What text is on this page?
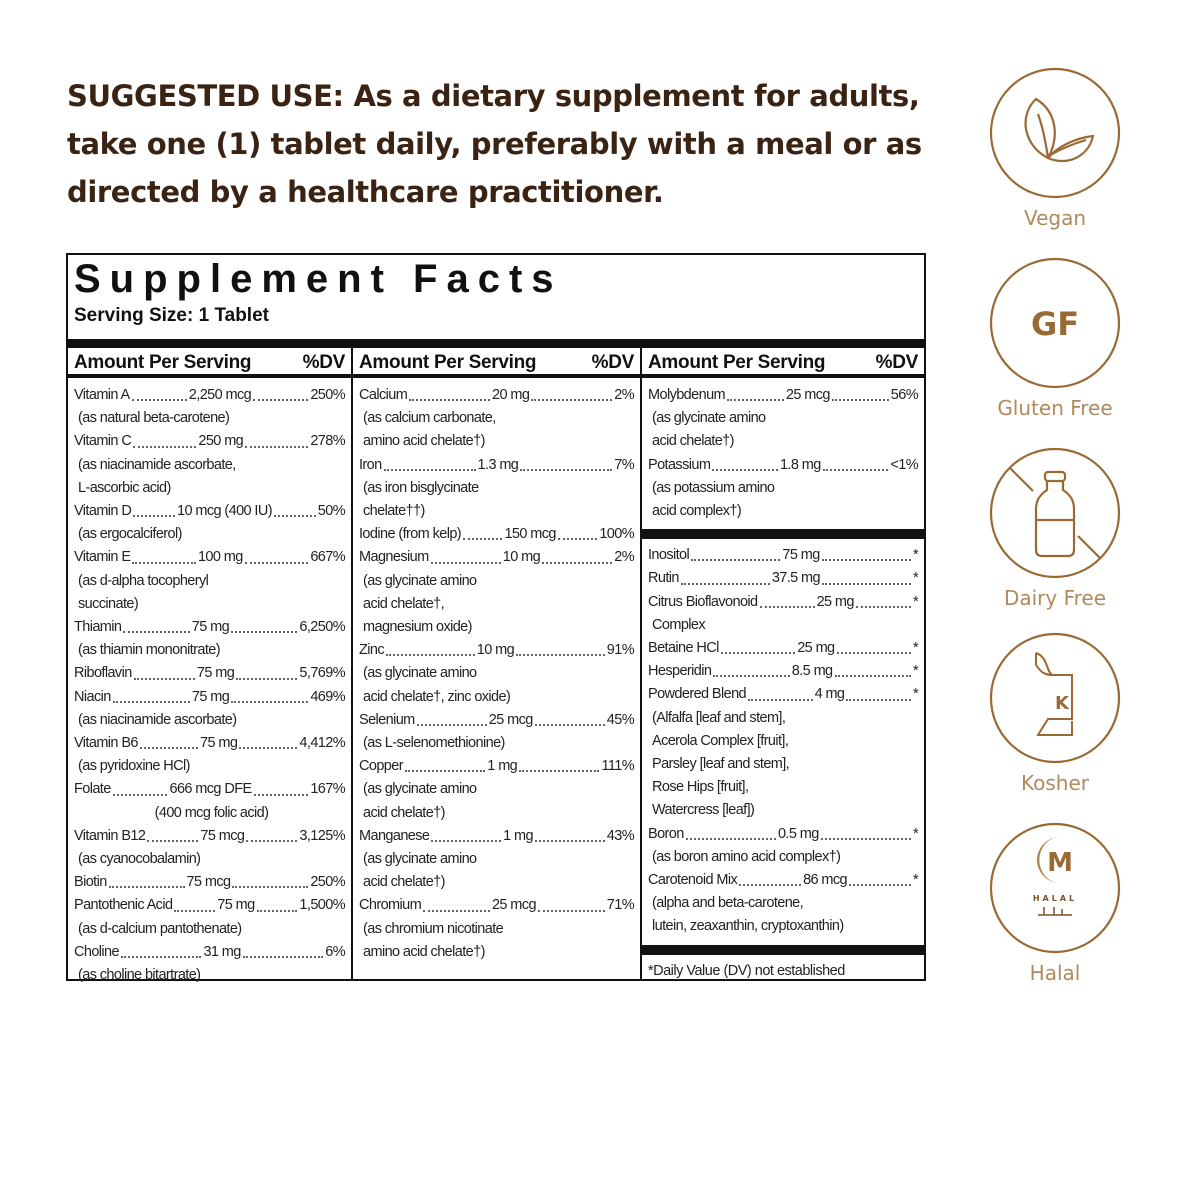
SUGGESTED USE: As a dietary supplement for adults, take one (1) tablet daily, preferably with a meal or as directed by a healthcare practitioner.
Supplement Facts
Serving Size: 1 Tablet
Amount Per Serving	%DV
Vitamin A	2,250 mcg	250%
(as natural beta-carotene)
Vitamin C	250 mg	278%
(as niacinamide ascorbate,
L-ascorbic acid)
Vitamin D	10 mcg (400 IU)	50%
(as ergocalciferol)
Vitamin E	100 mg	667%
(as d-alpha tocopheryl
succinate)
Thiamin	75 mg	6,250%
(as thiamin mononitrate)
Riboflavin	75 mg	5,769%
Niacin	75 mg	469%
(as niacinamide ascorbate)
Vitamin B6	75 mg	4,412%
(as pyridoxine HCl)
Folate	666 mcg DFE	167%
(400 mcg folic acid)
Vitamin B12	75 mcg	3,125%
(as cyanocobalamin)
Biotin	75 mcg	250%
Pantothenic Acid	75 mg	1,500%
(as d-calcium pantothenate)
Choline	31 mg	6%
(as choline bitartrate)
Amount Per Serving	%DV
Calcium	20 mg	2%
(as calcium carbonate,
amino acid chelate†)
Iron	1.3 mg	7%
(as iron bisglycinate
chelate††)
Iodine (from kelp)	150 mcg	100%
Magnesium	10 mg	2%
(as glycinate amino
acid chelate†,
magnesium oxide)
Zinc	10 mg	91%
(as glycinate amino
acid chelate†, zinc oxide)
Selenium	25 mcg	45%
(as L-selenomethionine)
Copper	1 mg	111%
(as glycinate amino
acid chelate†)
Manganese	1 mg	43%
(as glycinate amino
acid chelate†)
Chromium	25 mcg	71%
(as chromium nicotinate
amino acid chelate†)
Amount Per Serving	%DV
Molybdenum	25 mcg	56%
(as glycinate amino
acid chelate†)
Potassium	1.8 mg	<1%
(as potassium amino
acid complex†)
Inositol	75 mg	*
Rutin	37.5 mg	*
Citrus Bioflavonoid	25 mg	*
Complex
Betaine HCl	25 mg	*
Hesperidin	8.5 mg	*
Powdered Blend	4 mg	*
(Alfalfa [leaf and stem],
Acerola Complex [fruit],
Parsley [leaf and stem],
Rose Hips [fruit],
Watercress [leaf])
Boron	0.5 mg	*
(as boron amino acid complex†)
Carotenoid Mix	86 mcg	*
(alpha and beta-carotene,
lutein, zeaxanthin, cryptoxanthin)
*Daily Value (DV) not established
Vegan
GF
Gluten Free
Dairy Free
K
Kosher
M
HALAL
Halal
